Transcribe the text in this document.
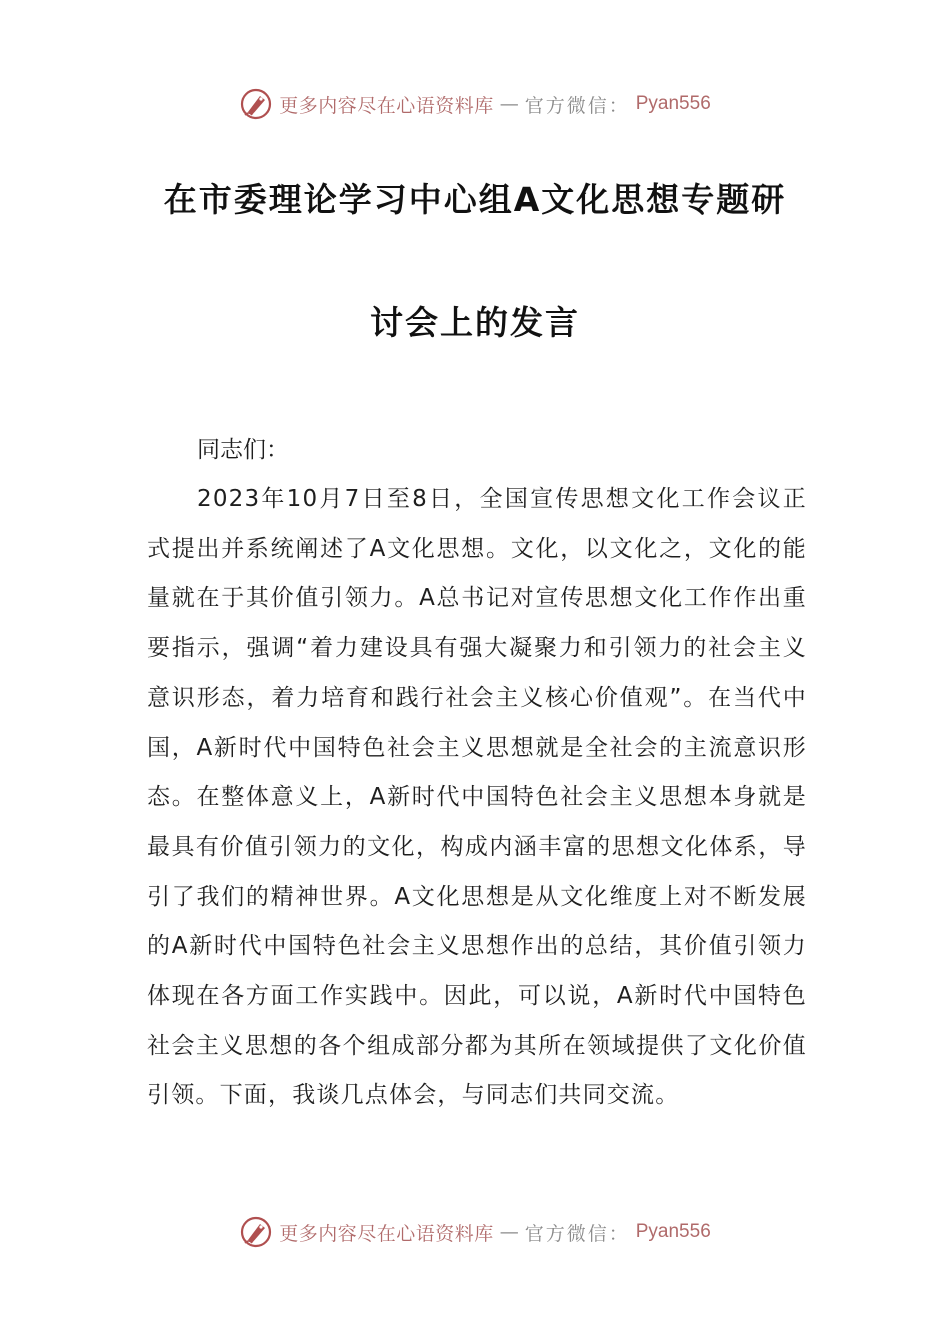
更多内容尽在心语资料库 — 官方微信： Pyan556
在市委理论学习中心组A文化思想专题研
讨会上的发言
同志们：
2023年10月7日至8日，全国宣传思想文化工作会议正式提出并系统阐述了A文化思想。文化，以文化之，文化的能量就在于其价值引领力。A总书记对宣传思想文化工作作出重要指示，强调“着力建设具有强大凝聚力和引领力的社会主义意识形态，着力培育和践行社会主义核心价值观”。在当代中国，A新时代中国特色社会主义思想就是全社会的主流意识形态。在整体意义上，A新时代中国特色社会主义思想本身就是最具有价值引领力的文化，构成内涵丰富的思想文化体系，导引了我们的精神世界。A文化思想是从文化维度上对不断发展的A新时代中国特色社会主义思想作出的总结，其价值引领力体现在各方面工作实践中。因此，可以说，A新时代中国特色社会主义思想的各个组成部分都为其所在领域提供了文化价值引领。下面，我谈几点体会，与同志们共同交流。
更多内容尽在心语资料库 — 官方微信： Pyan556
